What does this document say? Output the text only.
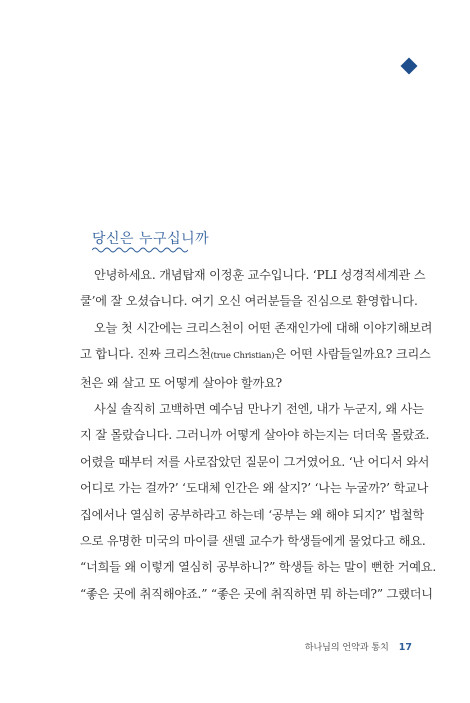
당신은 누구십니까
안녕하세요. 개념탑재 이정훈 교수입니다. ‘PLI 성경적세계관 스
쿨’에 잘 오셨습니다. 여기 오신 여러분들을 진심으로 환영합니다.
오늘 첫 시간에는 크리스천이 어떤 존재인가에 대해 이야기해보려
고 합니다. 진짜 크리스천(true Christian)은 어떤 사람들일까요? 크리스
천은 왜 살고 또 어떻게 살아야 할까요?
사실 솔직히 고백하면 예수님 만나기 전엔, 내가 누군지, 왜 사는
지 잘 몰랐습니다. 그러니까 어떻게 살아야 하는지는 더더욱 몰랐죠.
어렸을 때부터 저를 사로잡았던 질문이 그거였어요. ‘난 어디서 와서
어디로 가는 걸까?’ ‘도대체 인간은 왜 살지?’ ‘나는 누굴까?’ 학교나
집에서나 열심히 공부하라고 하는데 ‘공부는 왜 해야 되지?’ 법철학
으로 유명한 미국의 마이클 샌델 교수가 학생들에게 물었다고 해요.
“너희들 왜 이렇게 열심히 공부하니?” 학생들 하는 말이 뻔한 거예요.
“좋은 곳에 취직해야죠.” “좋은 곳에 취직하면 뭐 하는데?” 그랬더니
하나님의 언약과 통치 17
